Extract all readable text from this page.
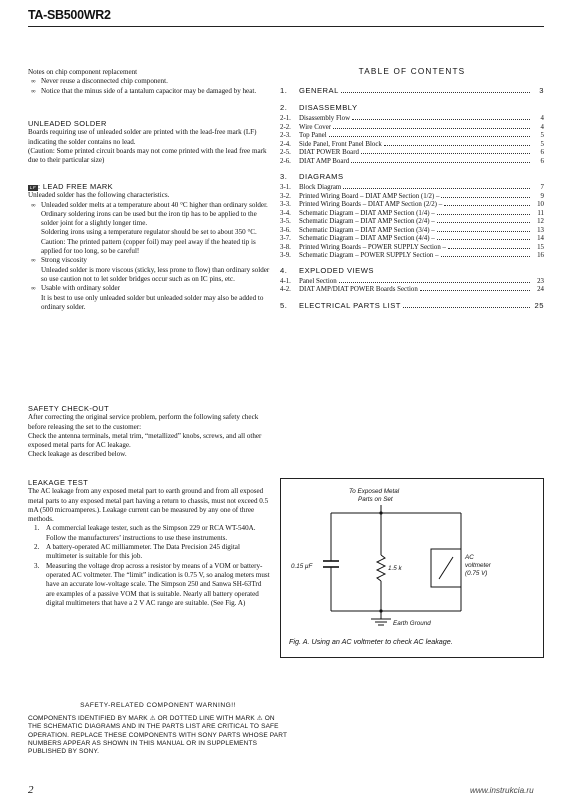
TA-SB500WR2

Notes on chip component replacement

∞ Never reuse a disconnected chip component.

∞ Notice that the minus side of a tantalum capacitor may be damaged by heat.

UNLEADED SOLDER

Boards requiring use of unleaded solder are printed with the lead-free mark (LF) indicating the solder contains no lead.

(Caution: Some printed circuit boards may not come printed with the lead free mark due to their particular size)

LF : LEAD FREE MARK

Unleaded solder has the following characteristics.

∞ Unleaded solder melts at a temperature about 40 °C higher than ordinary solder.

Ordinary soldering irons can be used but the iron tip has to be applied to the solder joint for a slightly longer time.

Soldering irons using a temperature regulator should be set to about 350 °C.

Caution: The printed pattern (copper foil) may peel away if the heated tip is applied for too long, so be careful!

∞ Strong viscosity

Unleaded solder is more viscous (sticky, less prone to flow) than ordinary solder so use caution not to let solder bridges occur such as on IC pins, etc.

∞ Usable with ordinary solder

It is best to use only unleaded solder but unleaded solder may also be added to ordinary solder.

SAFETY CHECK-OUT

After correcting the original service problem, perform the following safety check before releasing the set to the customer:

Check the antenna terminals, metal trim, “metallized” knobs, screws, and all other exposed metal parts for AC leakage.

Check leakage as described below.

LEAKAGE TEST

The AC leakage from any exposed metal part to earth ground and from all exposed metal parts to any exposed metal part having a return to chassis, must not exceed 0.5 mA (500 microamperes.). Leakage current can be measured by any one of three methods.

1. A commercial leakage tester, such as the Simpson 229 or RCA WT-540A. Follow the manufacturers’ instructions to use these instruments.

2. A battery-operated AC milliammeter. The Data Precision 245 digital multimeter is suitable for this job.

3. Measuring the voltage drop across a resistor by means of a VOM or battery-operated AC voltmeter. The “limit” indication is 0.75 V, so analog meters must have an accurate low-voltage scale. The Simpson 250 and Sanwa SH-63Trd are examples of a passive VOM that is suitable. Nearly all battery operated digital multimeters that have a 2 V AC range are suitable. (See Fig. A)

TABLE OF CONTENTS
1.	GENERAL	3
2.	DISASSEMBLY
2-1.	Disassembly Flow	4
2-2.	Wire Cover	4
2-3.	Top Panel	5
2-4.	Side Panel, Front Panel Block	5
2-5.	DIAT POWER Board	6
2-6.	DIAT AMP Board	6
3.	DIAGRAMS
3-1.	Block Diagram	7
3-2.	Printed Wiring Board – DIAT AMP Section (1/2) –	9
3-3.	Printed Wiring Boards – DIAT AMP Section (2/2) –	10
3-4.	Schematic Diagram – DIAT AMP Section (1/4) –	11
3-5.	Schematic Diagram – DIAT AMP Section (2/4) –	12
3-6.	Schematic Diagram – DIAT AMP Section (3/4) –	13
3-7.	Schematic Diagram – DIAT AMP Section (4/4) –	14
3-8.	Printed Wiring Boards – POWER SUPPLY Section –	15
3-9.	Schematic Diagram – POWER SUPPLY Section –	16
4.	EXPLODED VIEWS
4-1.	Panel Section	23
4-2.	DIAT AMP/DIAT POWER Boards Section	24
5.	ELECTRICAL PARTS LIST	25
To Exposed Metal
Parts on Set
0.15 μF	1.5 k
AC
voltmeter
(0.75 V)
Earth Ground
Fig. A. Using an AC voltmeter to check AC leakage.
SAFETY-RELATED COMPONENT WARNING!!
COMPONENTS IDENTIFIED BY MARK ⚠ OR DOTTED LINE WITH MARK ⚠ ON THE SCHEMATIC DIAGRAMS AND IN THE PARTS LIST ARE CRITICAL TO SAFE OPERATION. REPLACE THESE COMPONENTS WITH SONY PARTS WHOSE PART NUMBERS APPEAR AS SHOWN IN THIS MANUAL OR IN SUPPLEMENTS PUBLISHED BY SONY.
2	www.instrukcia.ru
